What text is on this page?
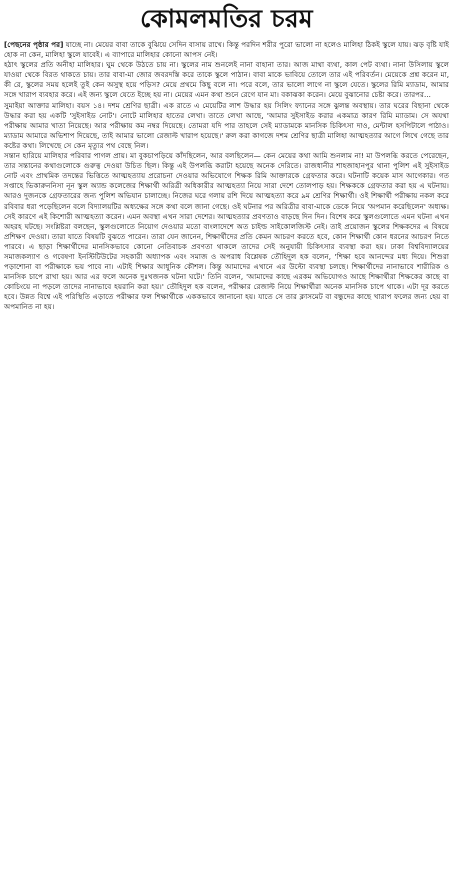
কোমলমতির চরম

[পেছনের পৃষ্ঠার পর] যাচ্ছে না। মেয়ের বাবা তাকে বুঝিয়ে সেদিন বাসায় রাখে। কিন্তু পরদিন শরীর পুরো ভালো না হলেও মালিহা ঠিকই স্কুলে যায়। ঝড় বৃষ্টি যাই হোক না কেন, মালিহা স্কুলে যাবেই। এ ব্যাপারে মালিহার কোনো আপস নেই।

হঠাৎ স্কুলের প্রতি অনীহা মালিহার। ঘুম থেকে উঠতে চায় না। স্কুলের নাম শুনলেই নানা বাহানা তার। আজ মাথা ব্যথা, কাল পেট ব্যথা। নানা উসিলায় স্কুলে যাওয়া থেকে বিরত থাকতে চায়। তার বাবা-মা জোর জবরদস্তি করে তাকে স্কুলে পাঠান। বাবা মাকে ভাবিয়ে তোলে তার এই পরিবর্তন। মেয়েকে প্রশ্ন করেন মা, কী রে, স্কুলের সময় হলেই তুই কেন অসুস্থ হয়ে পড়িস? মেয়ে প্রথমে কিছু বলে না। পরে বলে, তার ভালো লাগে না স্কুলে যেতে। স্কুলের রিমি ম্যাডাম, আমার সঙ্গে খারাপ ব্যবহার করে। এই জন্য স্কুলে যেতে ইচ্ছে হয় না। মেয়ের এমন কথা শুনে রেগে যান মা। বকাঝকা করেন। মেয়ে বুঝানোর চেষ্টা করে। তারপর...

সুমাইয়া আক্তার মালিহা। বয়স ১৪। দশম শ্রেণির ছাত্রী। এক রাতে এ মেয়েটির লাশ উদ্ধার হয় সিলিং ফ্যানের সঙ্গে ঝুলন্ত অবস্থায়। তার ঘরের বিছানা থেকে উদ্ধার করা হয় একটি 'সুইসাইড নোট'। নোটে মালিহার হাতের লেখা। তাতে লেখা আছে, 'আমার সুইসাইড করার একমাত্র কারণ রিমি ম্যাডাম। সে অযথা পরীক্ষায় আমার খাতা নিয়েছে। আর পরীক্ষায় কম নম্বর দিয়েছে। তোমরা যদি পার তাহলে সেই ম্যাডামকে মানসিক চিকিৎসা দাও, মেন্টাল হসপিটালে পাঠাও। ম্যাডাম আমারে অভিশাপ দিয়েছে, তাই আমার ভালো রেজাল্ট খারাপ হয়েছে।' রুল করা কাগজে দশম শ্রেণির ছাত্রী মালিহা আত্মহত্যার আগে লিখে গেছে তার কষ্টের কথা। লিখেছে সে কেন মৃত্যুর পথ বেছে নিল।

সন্তান হারিয়ে মালিহার পরিবার পাগল প্রায়। মা বুকচাপড়িয়ে কাঁদছিলেন, আর বলছিলেন— কেন মেয়ের কথা আমি শুনলাম না! মা উপলব্ধি করতে পেরেছেন, তার সন্তানের কথাগুলোকে গুরুত্ব দেওয়া উচিত ছিল। কিন্তু এই উপলব্ধি করাটা হয়েছে অনেক দেরিতে। রাজধানীর শাহজাহানপুর থানা পুলিশ এই সুইসাইড নোট এবং প্রাথমিক তদন্তের ভিত্তিতে আত্মহত্যায় প্ররোচনা দেওয়ার অভিযোগে শিক্ষক রিমি আক্তারকে গ্রেফতার করে। ঘটনাটি কয়েক মাস আগেকার। গত সপ্তাহে ভিকারুননিসা নূন স্কুল অ্যান্ড কলেজের শিক্ষার্থী অরিত্রী অধিকারীর আত্মহত্যা নিয়ে সারা দেশে তোলপাড় হয়। শিক্ষককে গ্রেফতার করা হয় এ ঘটনায়। আরও দুজনকে গ্রেফতারের জন্য পুলিশ অভিযান চালাচ্ছে। নিজের ঘরে গলায় রশি দিয়ে আত্মহত্যা করে ৯ম শ্রেণির শিক্ষার্থী। ওই শিক্ষার্থী পরীক্ষায় নকল করে রবিবার ধরা পড়েছিলেন বলে বিদ্যালয়টির অধ্যক্ষের সঙ্গে কথা বলে জানা গেছে। ওই ঘটনার পর অরিত্রীর বাবা-মাকে ডেকে নিয়ে 'অপমান করেছিলেন' অধ্যক্ষ। সেই কারণে এই কিশোরী আত্মহত্যা করেন। এমন অবস্থা এখন সারা দেশের। আত্মহত্যার প্রবণতাও বাড়ছে দিন দিন। বিশেষ করে স্কুলগুলোতে এমন ঘটনা এখন অহরহ ঘটছে। সংশ্লিষ্টরা বলছেন, স্কুলগুলোতে নিয়োগ দেওয়ার মতো বাংলাদেশে অত চাইল্ড সাইকোলজিস্ট নেই। তাই প্রয়োজন স্কুলের শিক্ষকদের এ বিষয়ে প্রশিক্ষণ দেওয়া। তারা যাতে বিষয়টি বুঝতে পারেন। তারা যেন জানেন, শিক্ষার্থীদের প্রতি কেমন আচরণ করতে হবে, কোন শিক্ষার্থী কোন ধরনের আচরণ নিতে পারবে। এ ছাড়া শিক্ষার্থীদের মানসিকভাবে কোনো নেতিবাচক প্রবণতা থাকলে তাদের সেই অনুযায়ী চিকিৎসার ব্যবস্থা করা হয়। ঢাকা বিশ্ববিদ্যালয়ের সমাজকল্যাণ ও গবেষণা ইনস্টিটিউটের সহকারী অধ্যাপক এবং সমাজ ও অপরাধ বিশ্লেষক তৌহিদুল হক বলেন, 'শিক্ষা হবে আনন্দের মধ্য দিয়ে। শিশুরা পড়াশোনা বা পরীক্ষাকে ভয় পাবে না। এটাই শিক্ষার আধুনিক কৌশল। কিন্তু আমাদের এখানে এর উল্টো ব্যবস্থা চলছে। শিক্ষার্থীদের নানাভাবে শারীরিক ও মানসিক চাপে রাখা হয়। আর এর ফলে অনেক দুঃখজনক ঘটনা ঘটে।' তিনি বলেন, 'আমাদের কাছে এরকম অভিযোগও আছে শিক্ষার্থীরা শিক্ষকের কাছে বা কোচিংয়ে না পড়লে তাদের নানাভাবে হয়রানি করা হয়।' তৌহিদুল হক বলেন, পরীক্ষার রেজাল্ট নিয়ে শিক্ষার্থীরা অনেক মানসিক চাপে থাকে। এটা দূর করতে হবে। উন্নত বিশ্বে এই পরিস্থিতি এড়াতে পরীক্ষার ফল শিক্ষার্থীকে এককভাবে জানানো হয়। যাতে সে তার ক্লাসমেট বা বন্ধুদের কাছে খারাপ ফলের জন্য হেয় বা অপমানিত না হয়।
